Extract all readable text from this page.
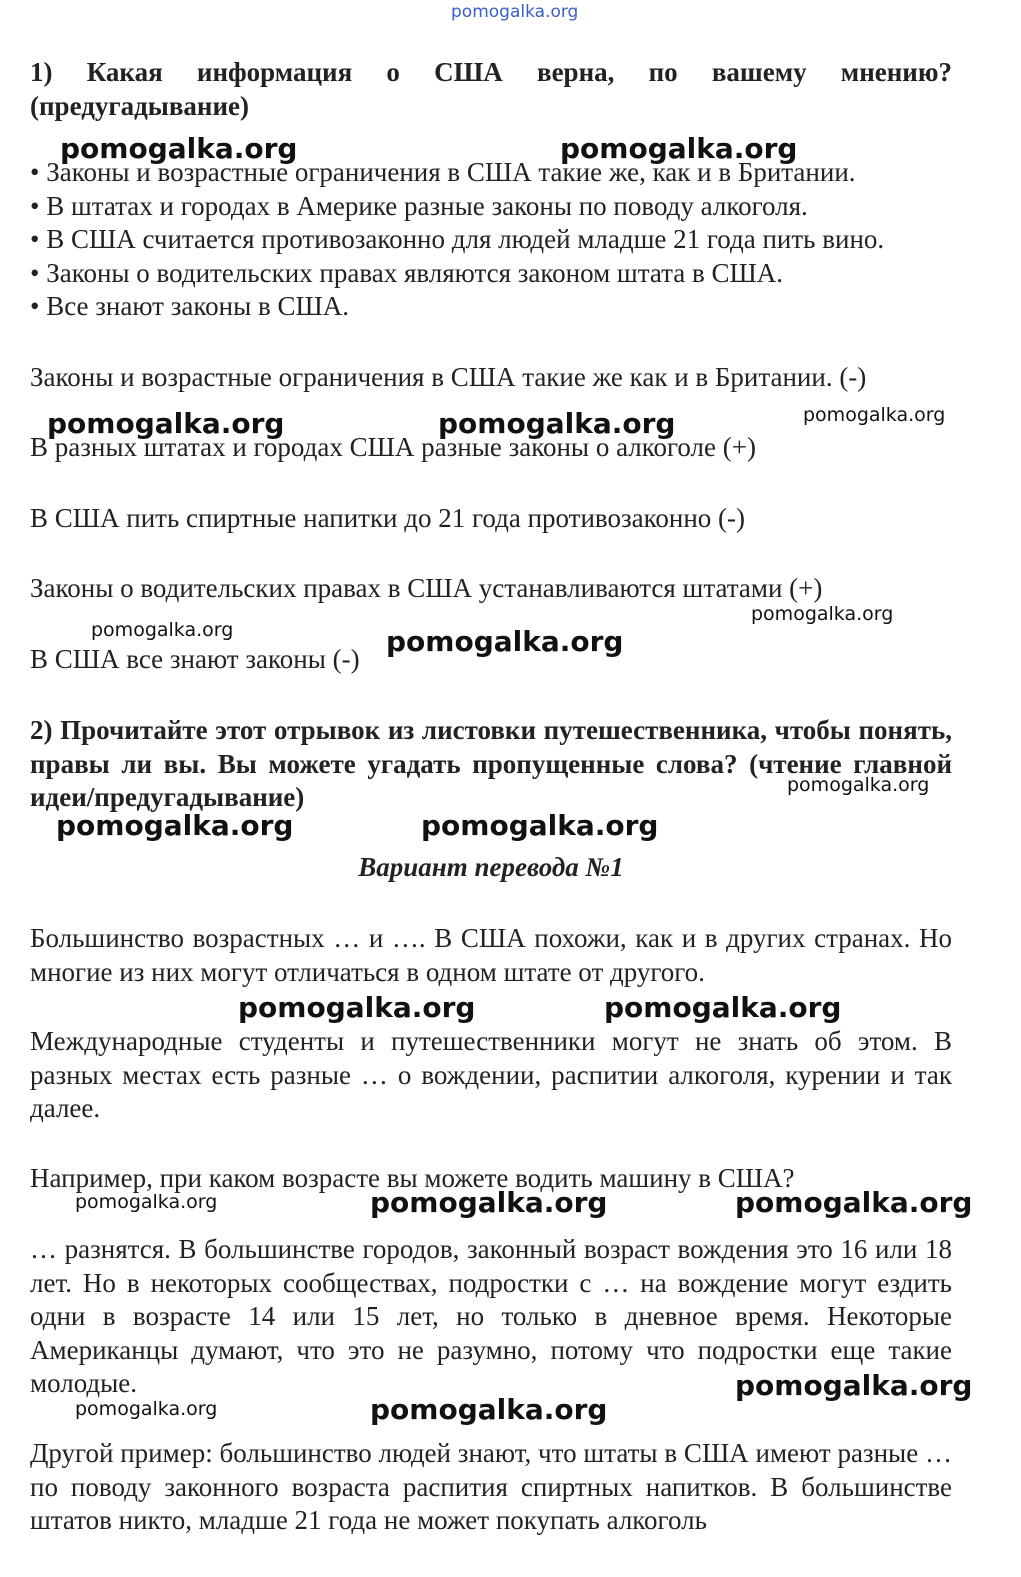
1) Какая информация о США верна, по вашему мнению? (предугадывание)

• Законы и возрастные ограничения в США такие же, как и в Британии.
• В штатах и городах в Америке разные законы по поводу алкоголя.
• В США считается противозаконно для людей младше 21 года пить вино.
• Законы о водительских правах являются законом штата в США.
• Все знают законы в США.

Законы и возрастные ограничения в США такие же как и в Британии. (-)

В разных штатах и городах США разные законы о алкоголе (+)

В США пить спиртные напитки до 21 года противозаконно (-)

Законы о водительских правах в США устанавливаются штатами (+)

В США все знают законы (-)

2) Прочитайте этот отрывок из листовки путешественника, чтобы понять, правы ли вы. Вы можете угадать пропущенные слова? (чтение главной идеи/предугадывание)

Вариант перевода №1

Большинство возрастных … и …. В США похожи, как и в других странах. Но многие из них могут отличаться в одном штате от другого.

Международные студенты и путешественники могут не знать об этом. В разных местах есть разные … о вождении, распитии алкоголя, курении и так далее.

Например, при каком возрасте вы можете водить машину в США?

… разнятся. В большинстве городов, законный возраст вождения это 16 или 18 лет. Но в некоторых сообществах, подростки с … на вождение могут ездить одни в возрасте 14 или 15 лет, но только в дневное время. Некоторые Американцы думают, что это не разумно, потому что подростки еще такие молодые.

Другой пример: большинство людей знают, что штаты в США имеют разные … по поводу законного возраста распития спиртных напитков. В большинстве штатов никто, младше 21 года не может покупать алкоголь

pomogalka.org
pomogalka.org	pomogalka.org
pomogalka.org	pomogalka.org	pomogalka.org
pomogalka.org
pomogalka.org	pomogalka.org
pomogalka.org
pomogalka.org	pomogalka.org
pomogalka.org	pomogalka.org
pomogalka.org	pomogalka.org	pomogalka.org
pomogalka.org
pomogalka.org	pomogalka.org
